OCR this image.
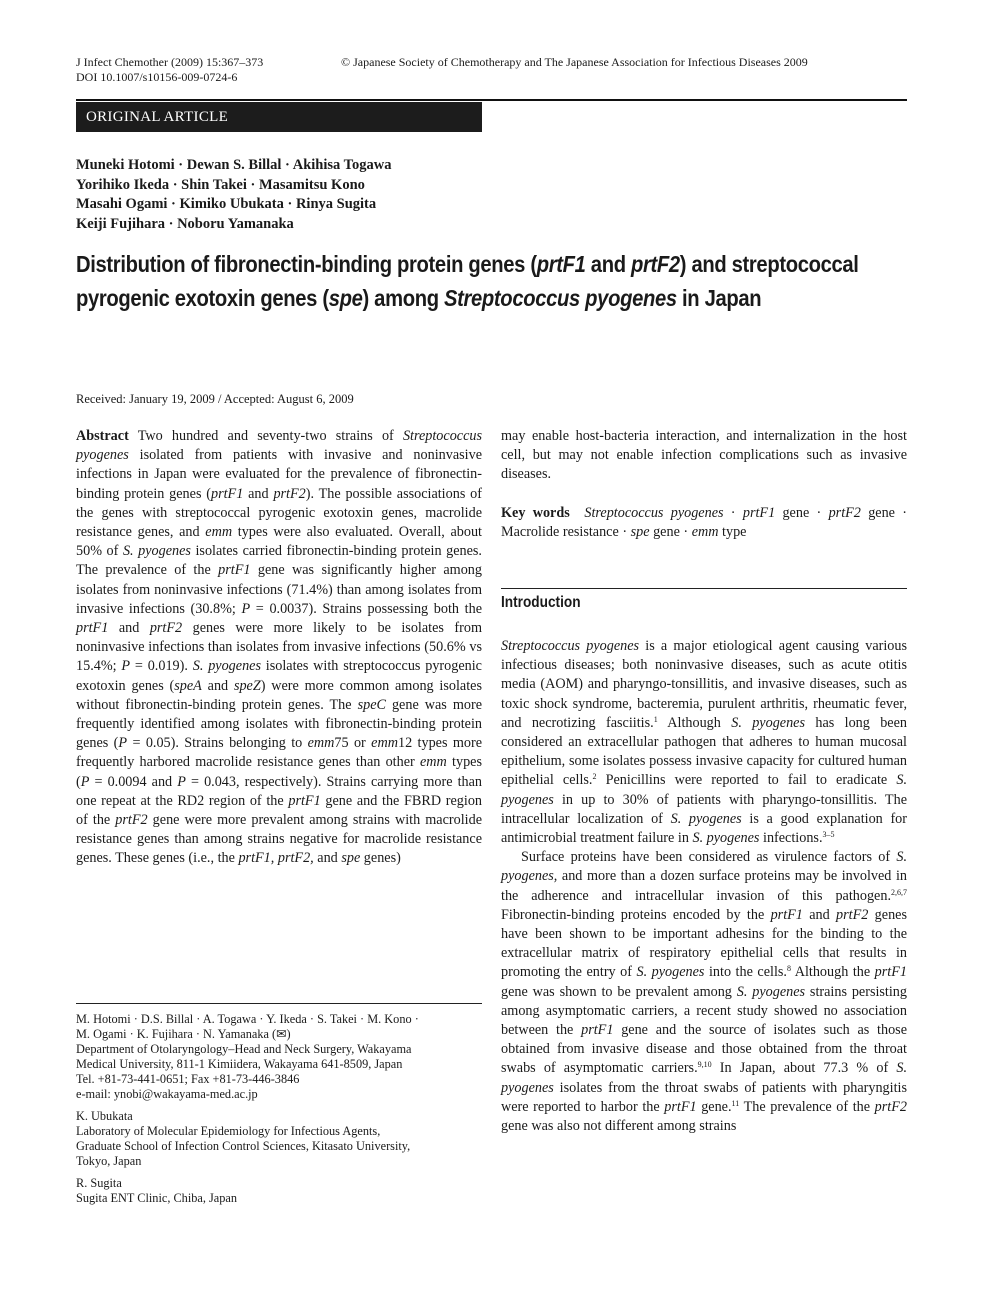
J Infect Chemother (2009) 15:367–373
DOI 10.1007/s10156-009-0724-6
© Japanese Society of Chemotherapy and The Japanese Association for Infectious Diseases 2009
ORIGINAL ARTICLE
Muneki Hotomi · Dewan S. Billal · Akihisa Togawa
Yorihiko Ikeda · Shin Takei · Masamitsu Kono
Masahi Ogami · Kimiko Ubukata · Rinya Sugita
Keiji Fujihara · Noboru Yamanaka
Distribution of fibronectin-binding protein genes (prtF1 and prtF2) and streptococcal pyrogenic exotoxin genes (spe) among Streptococcus pyogenes in Japan
Received: January 19, 2009 / Accepted: August 6, 2009

Abstract Two hundred and seventy-two strains of Streptococcus pyogenes isolated from patients with invasive and noninvasive infections in Japan were evaluated for the prevalence of fibronectin-binding protein genes (prtF1 and prtF2). The possible associations of the genes with streptococcal pyrogenic exotoxin genes, macrolide resistance genes, and emm types were also evaluated. Overall, about 50% of S. pyogenes isolates carried fibronectin-binding protein genes. The prevalence of the prtF1 gene was significantly higher among isolates from noninvasive infections (71.4%) than among isolates from invasive infections (30.8%; P = 0.0037). Strains possessing both the prtF1 and prtF2 genes were more likely to be isolates from noninvasive infections than isolates from invasive infections (50.6% vs 15.4%; P = 0.019). S. pyogenes isolates with streptococcus pyrogenic exotoxin genes (speA and speZ) were more common among isolates without fibronectin-binding protein genes. The speC gene was more frequently identified among isolates with fibronectin-binding protein genes (P = 0.05). Strains belonging to emm75 or emm12 types more frequently harbored macrolide resistance genes than other emm types (P = 0.0094 and P = 0.043, respectively). Strains carrying more than one repeat at the RD2 region of the prtF1 gene and the FBRD region of the prtF2 gene were more prevalent among strains with macrolide resistance genes than among strains negative for macrolide resistance genes. These genes (i.e., the prtF1, prtF2, and spe genes)

may enable host-bacteria interaction, and internalization in the host cell, but may not enable infection complications such as invasive diseases.

Key words Streptococcus pyogenes · prtF1 gene · prtF2 gene · Macrolide resistance · spe gene · emm type

Introduction

Streptococcus pyogenes is a major etiological agent causing various infectious diseases; both noninvasive diseases, such as acute otitis media (AOM) and pharyngo-tonsillitis, and invasive diseases, such as toxic shock syndrome, bacteremia, purulent arthritis, rheumatic fever, and necrotizing fasciitis.$^1$ Although S. pyogenes has long been considered an extracellular pathogen that adheres to human mucosal epithelium, some isolates possess invasive capacity for cultured human epithelial cells.$^2$ Penicillins were reported to fail to eradicate S. pyogenes in up to 30% of patients with pharyngo-tonsillitis. The intracellular localization of S. pyogenes is a good explanation for antimicrobial treatment failure in S. pyogenes infections.$^{3-5}$

Surface proteins have been considered as virulence factors of S. pyogenes, and more than a dozen surface proteins may be involved in the adherence and intracellular invasion of this pathogen.$^{2,6,7}$ Fibronectin-binding proteins encoded by the prtF1 and prtF2 genes have been shown to be important adhesins for the binding to the extracellular matrix of respiratory epithelial cells that results in promoting the entry of S. pyogenes into the cells.$^8$ Although the prtF1 gene was shown to be prevalent among S. pyogenes strains persisting among asymptomatic carriers, a recent study showed no association between the prtF1 gene and the source of isolates such as those obtained from invasive disease and those obtained from the throat swabs of asymptomatic carriers.$^{9,10}$ In Japan, about 77.3 % of S. pyogenes isolates from the throat swabs of patients with pharyngitis were reported to harbor the prtF1 gene.$^{11}$ The prevalence of the prtF2 gene was also not different among strains

M. Hotomi · D.S. Billal · A. Togawa · Y. Ikeda · S. Takei · M. Kono ·
M. Ogami · K. Fujihara · N. Yamanaka (✉)
Department of Otolaryngology–Head and Neck Surgery, Wakayama
Medical University, 811-1 Kimiidera, Wakayama 641-8509, Japan
Tel. +81-73-441-0651; Fax +81-73-446-3846
e-mail: ynobi@wakayama-med.ac.jp

K. Ubukata
Laboratory of Molecular Epidemiology for Infectious Agents,
Graduate School of Infection Control Sciences, Kitasato University,
Tokyo, Japan

R. Sugita
Sugita ENT Clinic, Chiba, Japan
